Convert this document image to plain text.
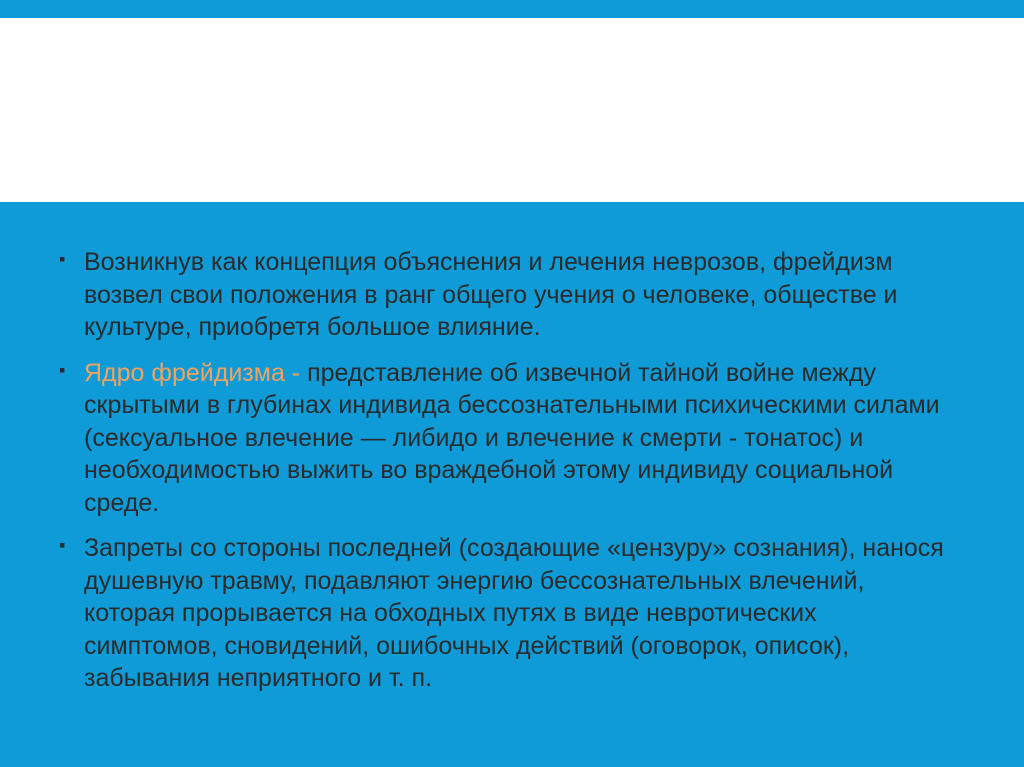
▪ Возникнув как концепция объяснения и лечения неврозов, фрейдизм возвел свои положения в ранг общего учения о человеке, обществе и культуре, приобретя большое влияние.

▪ Ядро фрейдизма - представление об извечной тайной войне между скрытыми в глубинах индивида бессознательными психическими силами (сексуальное влечение — либидо и влечение к смерти - тонатос) и необходимостью выжить во враждебной этому индивиду социальной среде.

▪ Запреты со стороны последней (создающие «цензуру» сознания), нанося душевную травму, подавляют энергию бессознательных влечений, которая прорывается на обходных путях в виде невротических симптомов, сновидений, ошибочных действий (оговорок, описок), забывания неприятного и т. п.
